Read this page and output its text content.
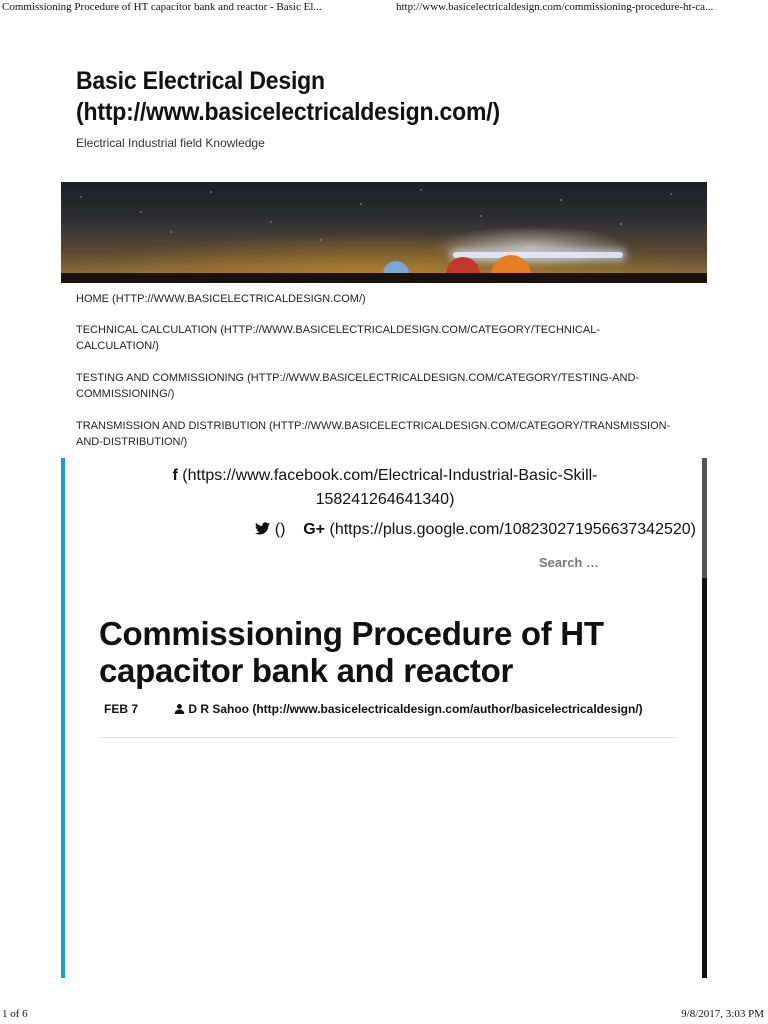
Commissioning Procedure of HT capacitor bank and reactor - Basic El...	http://www.basicelectricaldesign.com/commissioning-procedure-ht-ca...
Basic Electrical Design
(http://www.basicelectricaldesign.com/)
Electrical Industrial field Knowledge
HOME (HTTP://WWW.BASICELECTRICALDESIGN.COM/)
TECHNICAL CALCULATION (HTTP://WWW.BASICELECTRICALDESIGN.COM/CATEGORY/TECHNICAL-
CALCULATION/)
TESTING AND COMMISSIONING (HTTP://WWW.BASICELECTRICALDESIGN.COM/CATEGORY/TESTING-AND-
COMMISSIONING/)
TRANSMISSION AND DISTRIBUTION (HTTP://WWW.BASICELECTRICALDESIGN.COM/CATEGORY/TRANSMISSION-
AND-DISTRIBUTION/)
f (https://www.facebook.com/Electrical-Industrial-Basic-Skill-
158241264641340)
() G+ (https://plus.google.com/108230271956637342520)
Search …
Commissioning Procedure of HT
capacitor bank and reactor
FEB 7	D R Sahoo (http://www.basicelectricaldesign.com/author/basicelectricaldesign/)
1 of 6	9/8/2017, 3:03 PM
